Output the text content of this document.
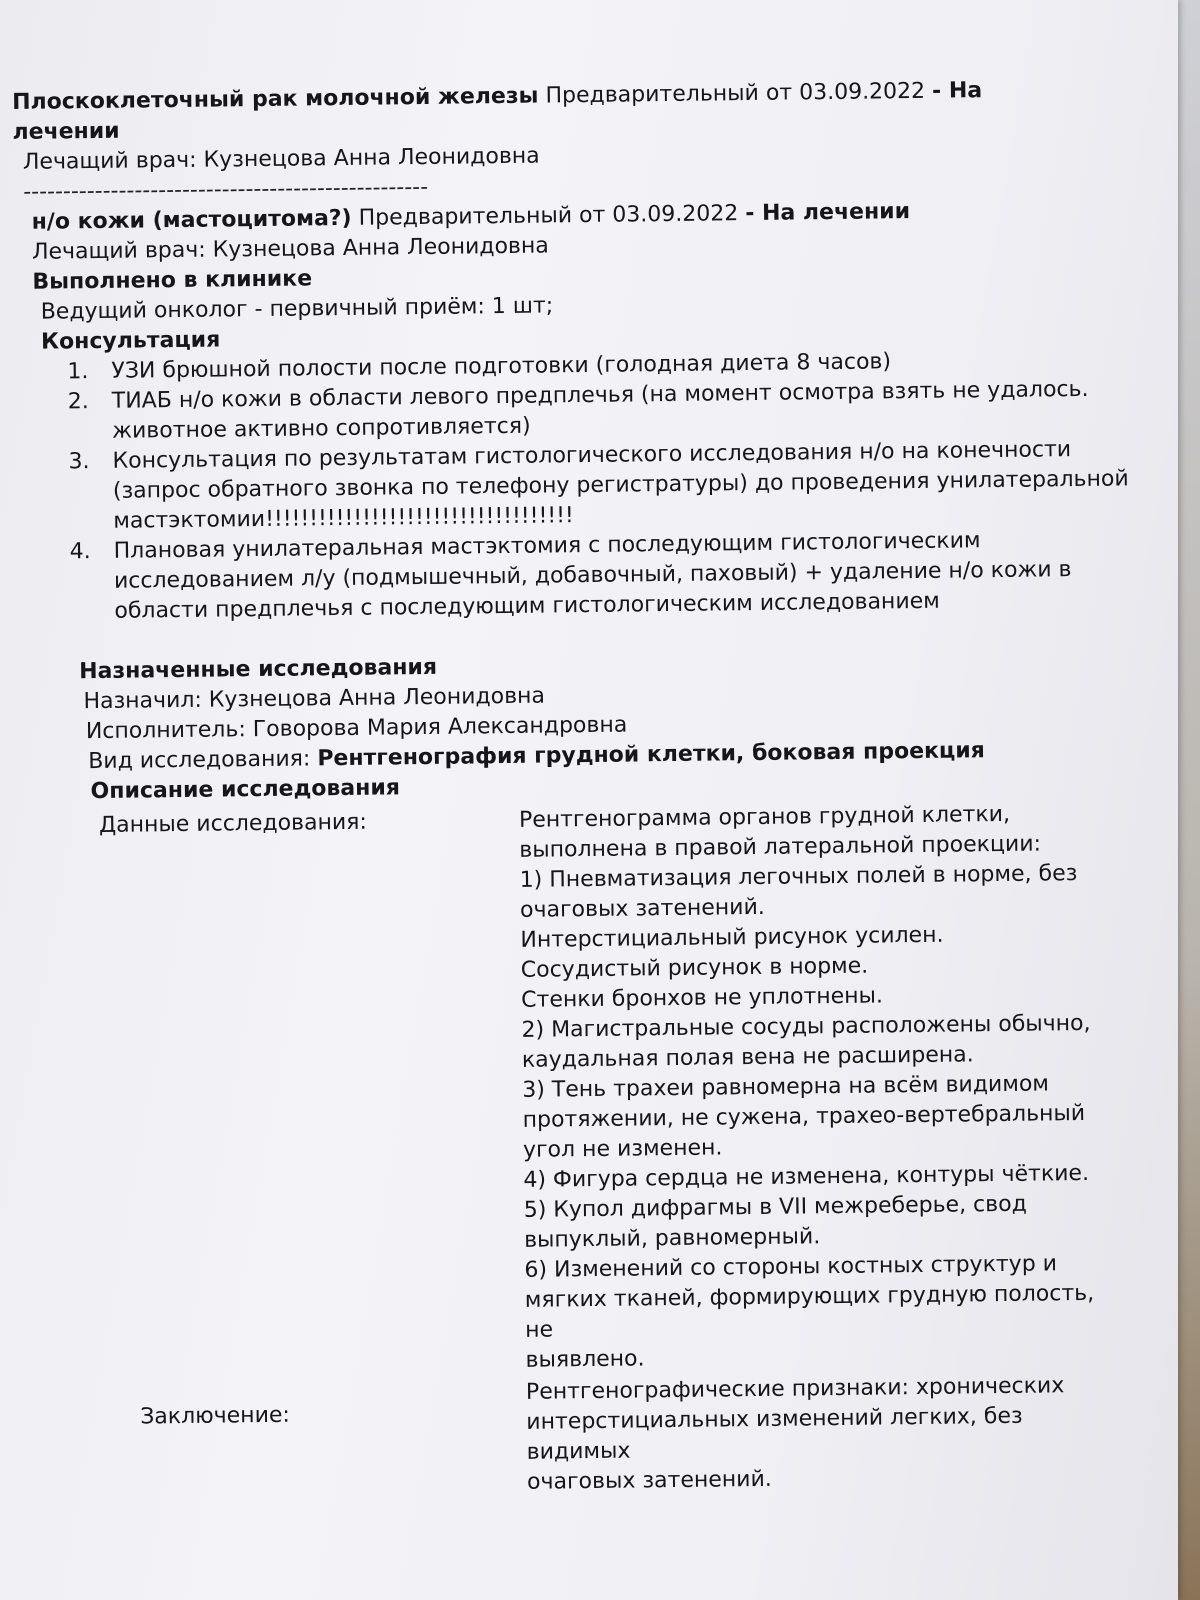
Плоскоклеточный рак молочной железы Предварительный от 03.09.2022 - На
лечении
Лечащий врач: Кузнецова Анна Леонидовна
---------------------------------------------------
н/о кожи (мастоцитома?) Предварительный от 03.09.2022 - На лечении
Лечащий врач: Кузнецова Анна Леонидовна
Выполнено в клинике
Ведущий онколог - первичный приём: 1 шт;
Консультация
1. УЗИ брюшной полости после подготовки (голодная диета 8 часов)
2. ТИАБ н/о кожи в области левого предплечья (на момент осмотра взять не удалось. животное активно сопротивляется)
3. Консультация по результатам гистологического исследования н/о на конечности (запрос обратного звонка по телефону регистратуры) до проведения унилатеральной мастэктомии!!!!!!!!!!!!!!!!!!!!!!!!!!!!!!!!!!!
4. Плановая унилатеральная мастэктомия с последующим гистологическим исследованием л/у (подмышечный, добавочный, паховый) + удаление н/о кожи в области предплечья с последующим гистологическим исследованием
Назначенные исследования
Назначил: Кузнецова Анна Леонидовна
Исполнитель: Говорова Мария Александровна
Вид исследования: Рентгенография грудной клетки, боковая проекция
Описание исследования
Данные исследования:	Рентгенограмма органов грудной клетки,
выполнена в правой латеральной проекции:
1) Пневматизация легочных полей в норме, без
очаговых затенений.
Интерстициальный рисунок усилен.
Сосудистый рисунок в норме.
Стенки бронхов не уплотнены.
2) Магистральные сосуды расположены обычно,
каудальная полая вена не расширена.
3) Тень трахеи равномерна на всём видимом
протяжении, не сужена, трахео-вертебральный
угол не изменен.
4) Фигура сердца не изменена, контуры чёткие.
5) Купол дифрагмы в VII межреберье, свод
выпуклый, равномерный.
6) Изменений со стороны костных структур и
мягких тканей, формирующих грудную полость, не
выявлено.
Заключение:
Рентгенографические признаки: хронических
интерстициальных изменений легких, без видимых
очаговых затенений.
